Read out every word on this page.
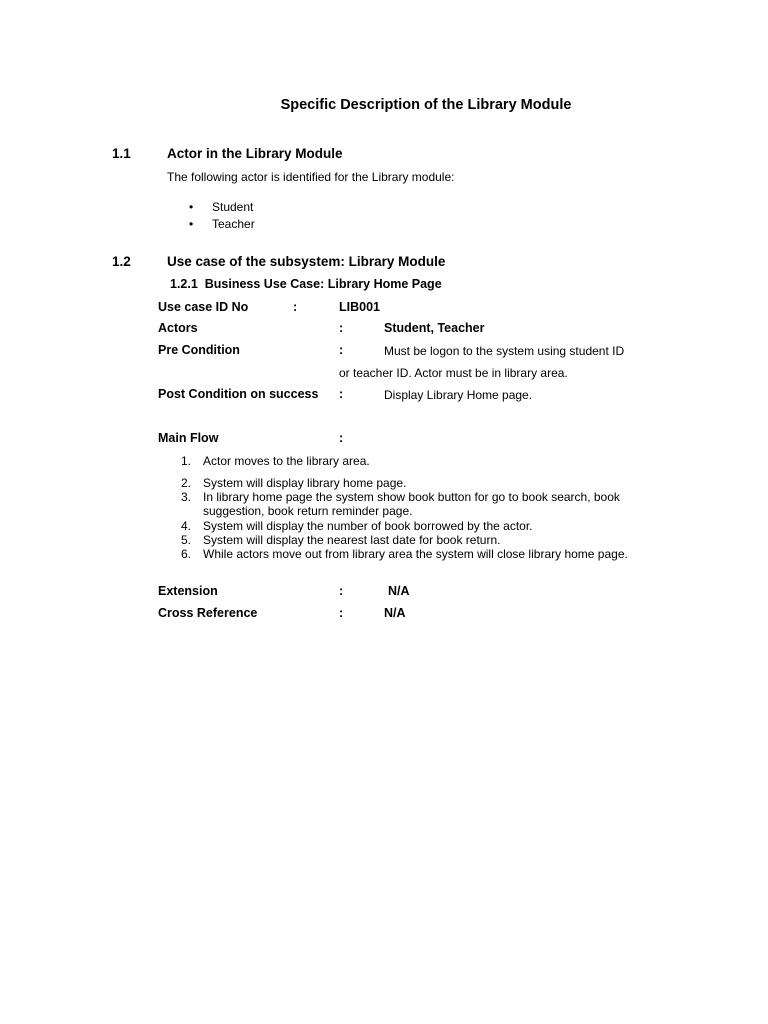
Specific Description of the Library Module
1.1	Actor in the Library Module
The following actor is identified for the Library module:
• Student
• Teacher
1.2	Use case of the subsystem: Library Module
1.2.1  Business Use Case: Library Home Page
Use case ID No	:	LIB001
Actors	:	Student, Teacher
Pre Condition	:	Must be logon to the system using student ID
or teacher ID. Actor must be in library area.
Post Condition on success :	Display Library Home page.
Main Flow	:
1. Actor moves to the library area.
2. System will display library home page.
3. In library home page the system show book button for go to book search, book suggestion, book return reminder page.
4. System will display the number of book borrowed by the actor.
5. System will display the nearest last date for book return.
6. While actors move out from library area the system will close library home page.
Extension	:	N/A
Cross Reference	:	N/A
